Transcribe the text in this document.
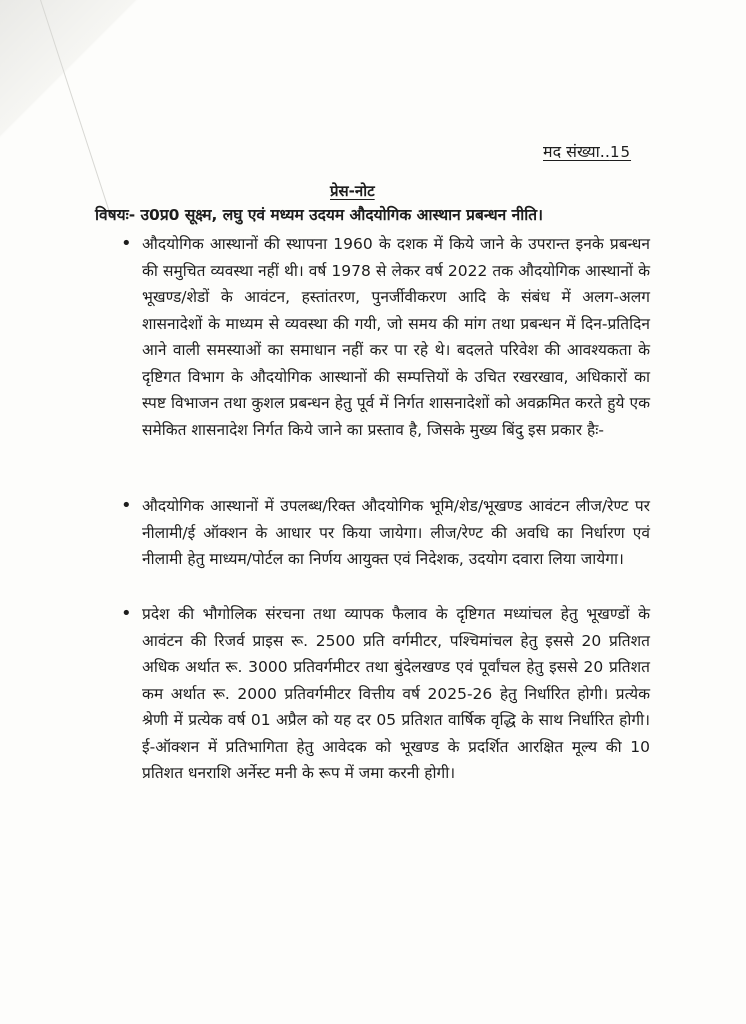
मद संख्या..15
प्रेस-नोट
विषयः- उ0प्र0 सूक्ष्म, लघु एवं मध्यम उदयम औदयोगिक आस्थान प्रबन्धन नीति।
• औदयोगिक आस्थानों की स्थापना 1960 के दशक में किये जाने के उपरान्त इनके प्रबन्धन की समुचित व्यवस्था नहीं थी। वर्ष 1978 से लेकर वर्ष 2022 तक औदयोगिक आस्थानों के भूखण्ड/शेडों के आवंटन, हस्तांतरण, पुनर्जीवीकरण आदि के संबंध में अलग-अलग शासनादेशों के माध्यम से व्यवस्था की गयी, जो समय की मांग तथा प्रबन्धन में दिन-प्रतिदिन आने वाली समस्याओं का समाधान नहीं कर पा रहे थे। बदलते परिवेश की आवश्यकता के दृष्टिगत विभाग के औदयोगिक आस्थानों की सम्पत्तियों के उचित रखरखाव, अधिकारों का स्पष्ट विभाजन तथा कुशल प्रबन्धन हेतु पूर्व में निर्गत शासनादेशों को अवक्रमित करते हुये एक समेकित शासनादेश निर्गत किये जाने का प्रस्ताव है, जिसके मुख्य बिंदु इस प्रकार हैः-
• औदयोगिक आस्थानों में उपलब्ध/रिक्त औदयोगिक भूमि/शेड/भूखण्ड आवंटन लीज/रेण्ट पर नीलामी/ई ऑक्शन के आधार पर किया जायेगा। लीज/रेण्ट की अवधि का निर्धारण एवं नीलामी हेतु माध्यम/पोर्टल का निर्णय आयुक्त एवं निदेशक, उदयोग दवारा लिया जायेगा।
• प्रदेश की भौगोलिक संरचना तथा व्यापक फैलाव के दृष्टिगत मध्यांचल हेतु भूखण्डों के आवंटन की रिजर्व प्राइस रू. 2500 प्रति वर्गमीटर, पश्चिमांचल हेतु इससे 20 प्रतिशत अधिक अर्थात रू. 3000 प्रतिवर्गमीटर तथा बुंदेलखण्ड एवं पूर्वांचल हेतु इससे 20 प्रतिशत कम अर्थात रू. 2000 प्रतिवर्गमीटर वित्तीय वर्ष 2025-26 हेतु निर्धारित होगी। प्रत्येक श्रेणी में प्रत्येक वर्ष 01 अप्रैल को यह दर 05 प्रतिशत वार्षिक वृद्धि के साथ निर्धारित होगी। ई-ऑक्शन में प्रतिभागिता हेतु आवेदक को भूखण्ड के प्रदर्शित आरक्षित मूल्य की 10 प्रतिशत धनराशि अर्नेस्ट मनी के रूप में जमा करनी होगी।
